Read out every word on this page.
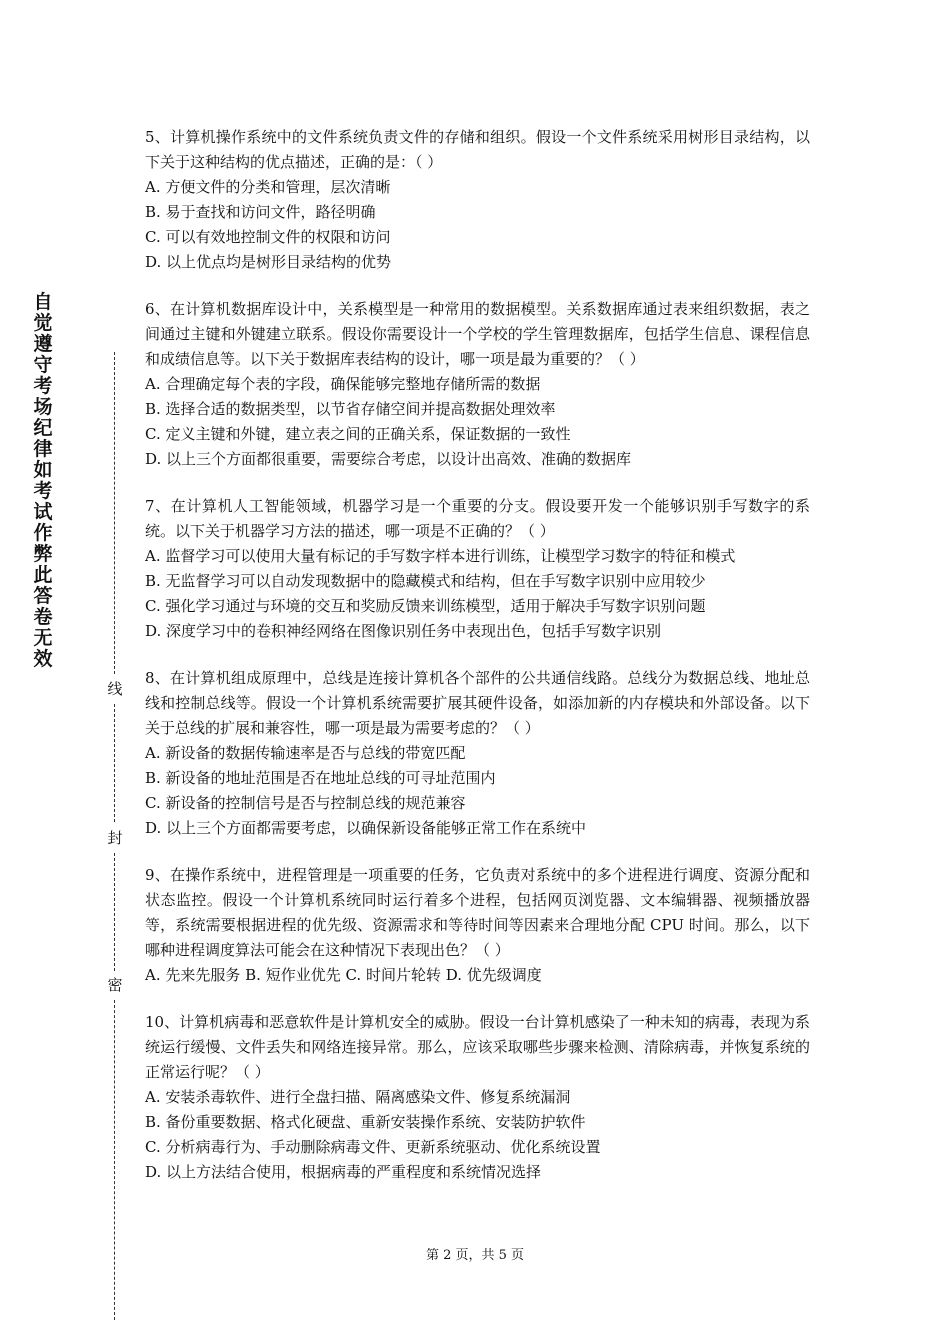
自觉遵守考场纪律如考试作弊此答卷无效
线
封
密

5、计算机操作系统中的文件系统负责文件的存储和组织。假设一个文件系统采用树形目录结构，以下关于这种结构的优点描述，正确的是：（ ）

A. 方便文件的分类和管理，层次清晰

B. 易于查找和访问文件，路径明确

C. 可以有效地控制文件的权限和访问

D. 以上优点均是树形目录结构的优势

6、在计算机数据库设计中，关系模型是一种常用的数据模型。关系数据库通过表来组织数据，表之间通过主键和外键建立联系。假设你需要设计一个学校的学生管理数据库，包括学生信息、课程信息和成绩信息等。以下关于数据库表结构的设计，哪一项是最为重要的？（ ）

A. 合理确定每个表的字段，确保能够完整地存储所需的数据

B. 选择合适的数据类型，以节省存储空间并提高数据处理效率

C. 定义主键和外键，建立表之间的正确关系，保证数据的一致性

D. 以上三个方面都很重要，需要综合考虑，以设计出高效、准确的数据库

7、在计算机人工智能领域，机器学习是一个重要的分支。假设要开发一个能够识别手写数字的系统。以下关于机器学习方法的描述，哪一项是不正确的？（ ）

A. 监督学习可以使用大量有标记的手写数字样本进行训练，让模型学习数字的特征和模式

B. 无监督学习可以自动发现数据中的隐藏模式和结构，但在手写数字识别中应用较少

C. 强化学习通过与环境的交互和奖励反馈来训练模型，适用于解决手写数字识别问题

D. 深度学习中的卷积神经网络在图像识别任务中表现出色，包括手写数字识别

8、在计算机组成原理中，总线是连接计算机各个部件的公共通信线路。总线分为数据总线、地址总线和控制总线等。假设一个计算机系统需要扩展其硬件设备，如添加新的内存模块和外部设备。以下关于总线的扩展和兼容性，哪一项是最为需要考虑的？（ ）

A. 新设备的数据传输速率是否与总线的带宽匹配

B. 新设备的地址范围是否在地址总线的可寻址范围内

C. 新设备的控制信号是否与控制总线的规范兼容

D. 以上三个方面都需要考虑，以确保新设备能够正常工作在系统中

9、在操作系统中，进程管理是一项重要的任务，它负责对系统中的多个进程进行调度、资源分配和状态监控。假设一个计算机系统同时运行着多个进程，包括网页浏览器、文本编辑器、视频播放器等，系统需要根据进程的优先级、资源需求和等待时间等因素来合理地分配 CPU 时间。那么，以下哪种进程调度算法可能会在这种情况下表现出色？（ ）

A. 先来先服务 B. 短作业优先 C. 时间片轮转 D. 优先级调度

10、计算机病毒和恶意软件是计算机安全的威胁。假设一台计算机感染了一种未知的病毒，表现为系统运行缓慢、文件丢失和网络连接异常。那么，应该采取哪些步骤来检测、清除病毒，并恢复系统的正常运行呢？（ ）

A. 安装杀毒软件、进行全盘扫描、隔离感染文件、修复系统漏洞

B. 备份重要数据、格式化硬盘、重新安装操作系统、安装防护软件

C. 分析病毒行为、手动删除病毒文件、更新系统驱动、优化系统设置

D. 以上方法结合使用，根据病毒的严重程度和系统情况选择

第 2 页，共 5 页
